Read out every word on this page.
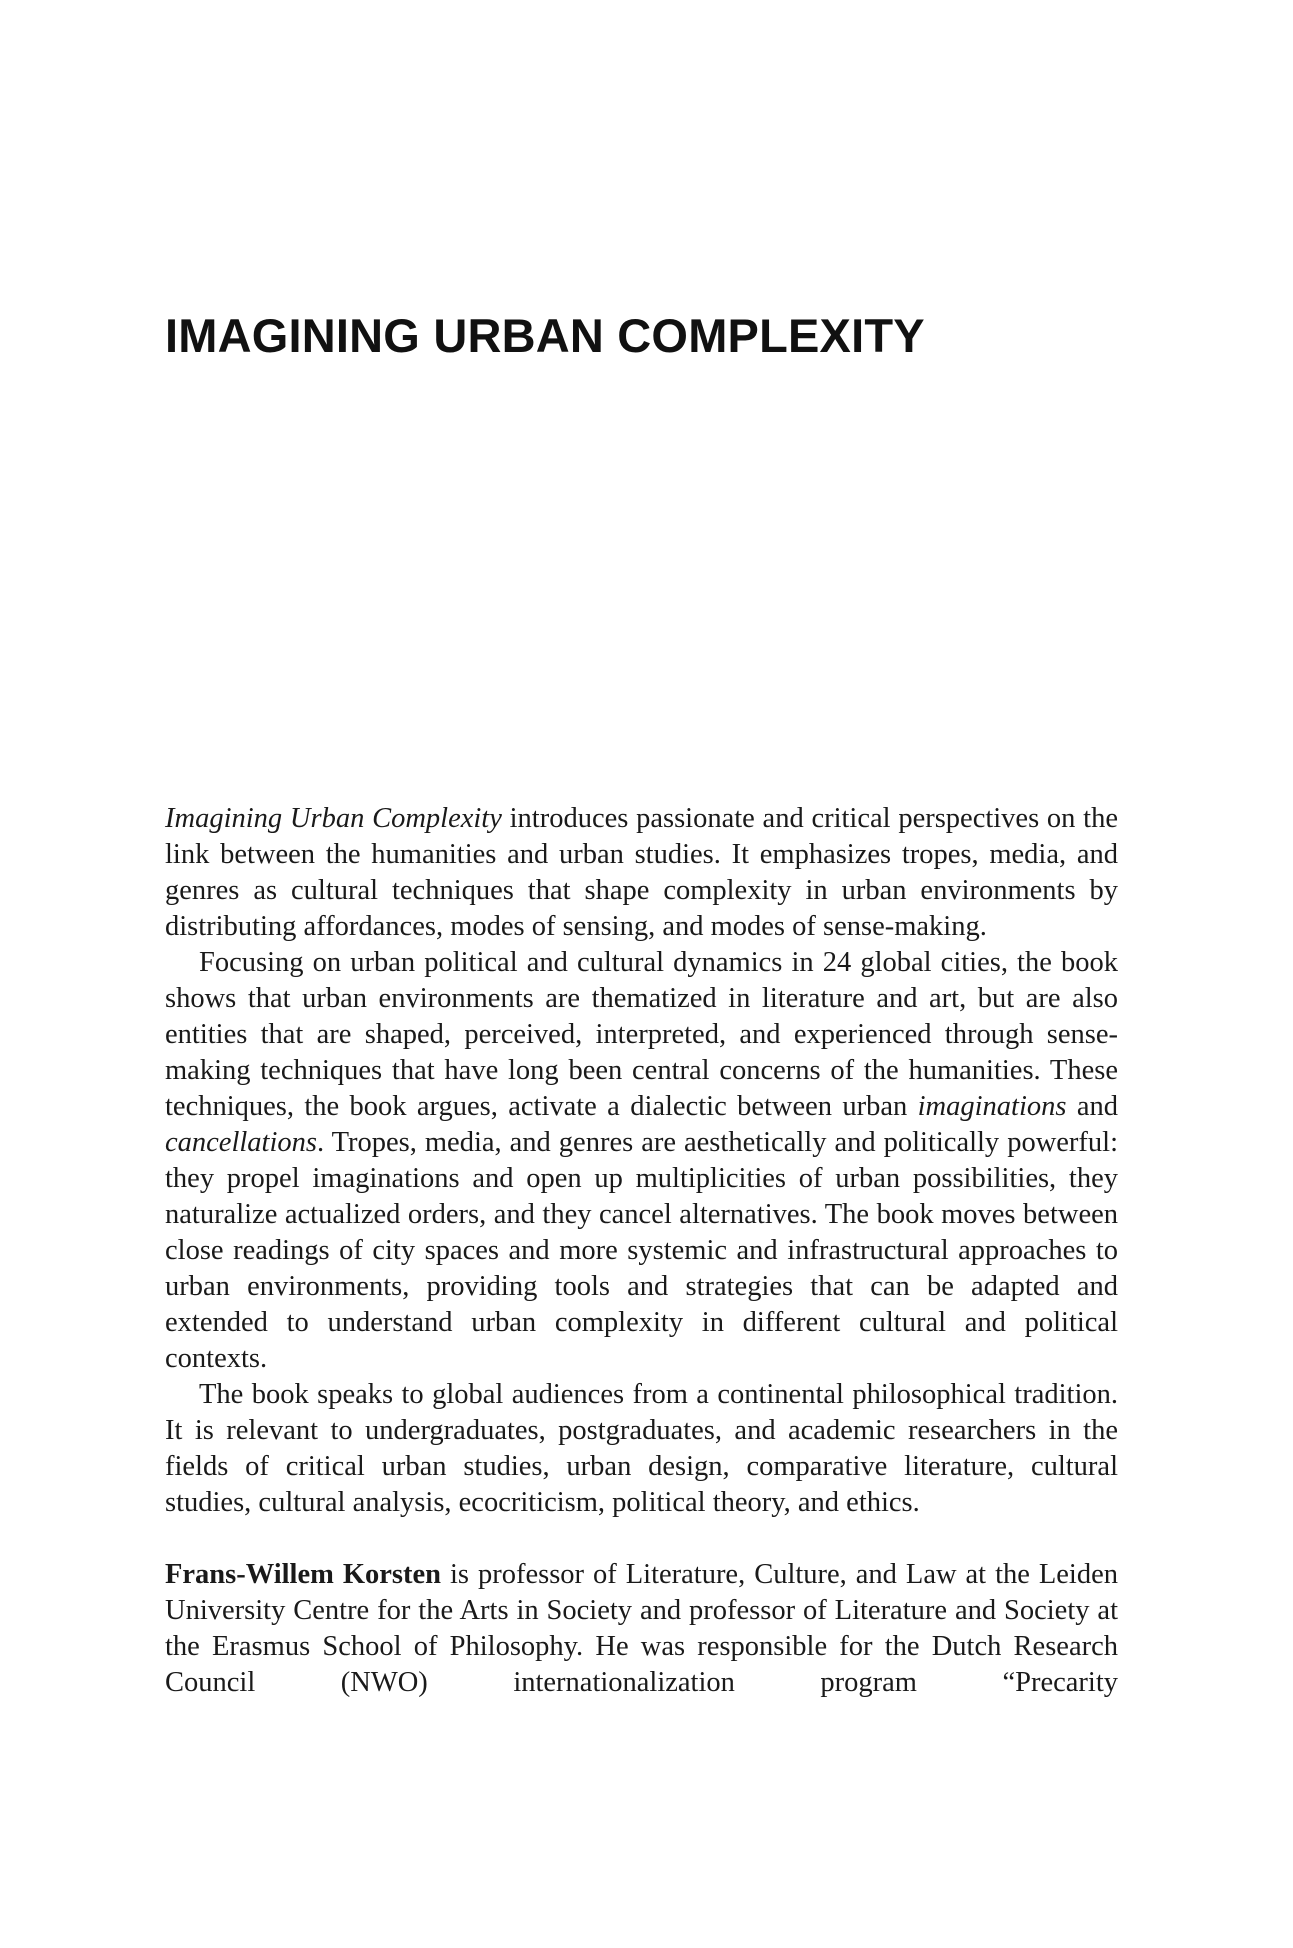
IMAGINING URBAN COMPLEXITY

Imagining Urban Complexity introduces passionate and critical perspectives on the link between the humanities and urban studies. It emphasizes tropes, media, and genres as cultural techniques that shape complexity in urban environments by distributing affordances, modes of sensing, and modes of sense-making.

Focusing on urban political and cultural dynamics in 24 global cities, the book shows that urban environments are thematized in literature and art, but are also entities that are shaped, perceived, interpreted, and experienced through sense-making techniques that have long been central concerns of the humanities. These techniques, the book argues, activate a dialectic between urban imaginations and cancellations. Tropes, media, and genres are aesthetically and politically powerful: they propel imaginations and open up multiplicities of urban possibilities, they naturalize actualized orders, and they cancel alternatives. The book moves between close readings of city spaces and more systemic and infrastructural approaches to urban environments, providing tools and strategies that can be adapted and extended to understand urban complexity in different cultural and political contexts.

The book speaks to global audiences from a continental philosophical tradition. It is relevant to undergraduates, postgraduates, and academic researchers in the fields of critical urban studies, urban design, comparative literature, cultural studies, cultural analysis, ecocriticism, political theory, and ethics.

Frans-Willem Korsten is professor of Literature, Culture, and Law at the Leiden University Centre for the Arts in Society and professor of Literature and Society at the Erasmus School of Philosophy. He was responsible for the Dutch Research Council (NWO) internationalization program “Precarity
